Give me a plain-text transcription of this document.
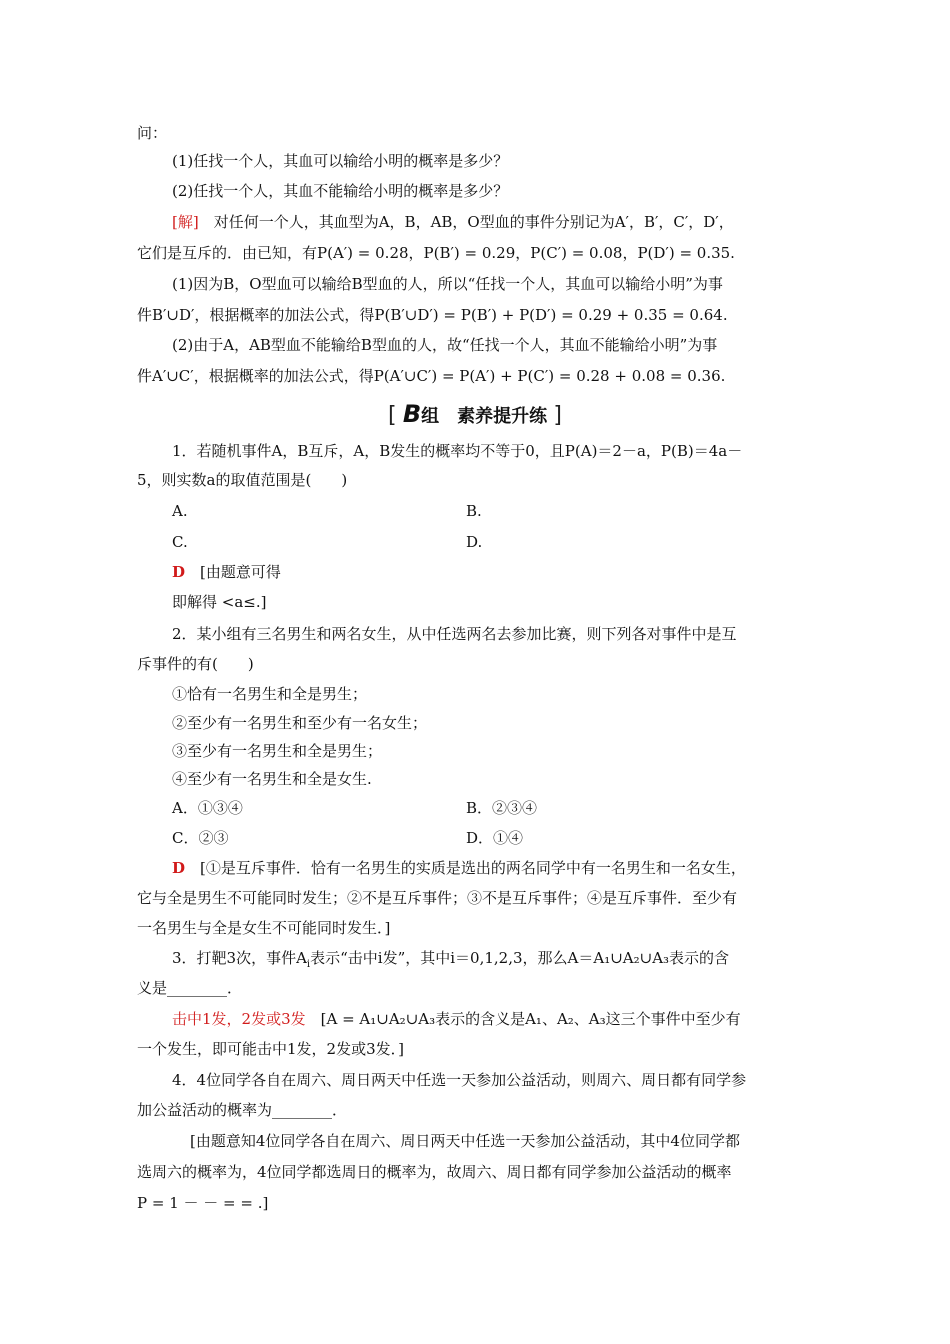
问：
(1)任找一个人，其血可以输给小明的概率是多少？
(2)任找一个人，其血不能输给小明的概率是多少？
[解]　对任何一个人，其血型为A，B，AB，O型血的事件分别记为A′，B′，C′，D′，
它们是互斥的．由已知，有P(A′) = 0.28，P(B′) = 0.29，P(C′) = 0.08，P(D′) = 0.35.
(1)因为B，O型血可以输给B型血的人，所以“任找一个人，其血可以输给小明”为事
件B′∪D′，根据概率的加法公式，得P(B′∪D′) = P(B′) + P(D′) = 0.29 + 0.35 = 0.64.
(2)由于A，AB型血不能输给B型血的人，故“任找一个人，其血不能输给小明”为事
件A′∪C′，根据概率的加法公式，得P(A′∪C′) = P(A′) + P(C′) = 0.28 + 0.08 = 0.36.
[ B组　素养提升练 ]
1．若随机事件A，B互斥，A，B发生的概率均不等于0，且P(A)＝2－a，P(B)＝4a－
5，则实数a的取值范围是(　　)
A.	B.
C.	D.
D　[由题意可得
即解得 <a≤.]
2．某小组有三名男生和两名女生，从中任选两名去参加比赛，则下列各对事件中是互
斥事件的有(　　)
①恰有一名男生和全是男生；
②至少有一名男生和至少有一名女生；
③至少有一名男生和全是男生；
④至少有一名男生和全是女生.
A．①③④	B．②③④
C．②③	D．①④
D　[①是互斥事件．恰有一名男生的实质是选出的两名同学中有一名男生和一名女生，
它与全是男生不可能同时发生；②不是互斥事件；③不是互斥事件；④是互斥事件．至少有
一名男生与全是女生不可能同时发生．]
3．打靶3次，事件$A_i$表示“击中i发”，其中i＝0,1,2,3，那么A＝A₁∪A₂∪A₃表示的含
义是________．
击中1发，2发或3发　[A = A₁∪A₂∪A₃表示的含义是A₁、A₂、A₃这三个事件中至少有
一个发生，即可能击中1发，2发或3发．]
4．4位同学各自在周六、周日两天中任选一天参加公益活动，则周六、周日都有同学参
加公益活动的概率为________．
[由题意知4位同学各自在周六、周日两天中任选一天参加公益活动，其中4位同学都
选周六的概率为，4位同学都选周日的概率为，故周六、周日都有同学参加公益活动的概率
P = 1 － － = = .]
